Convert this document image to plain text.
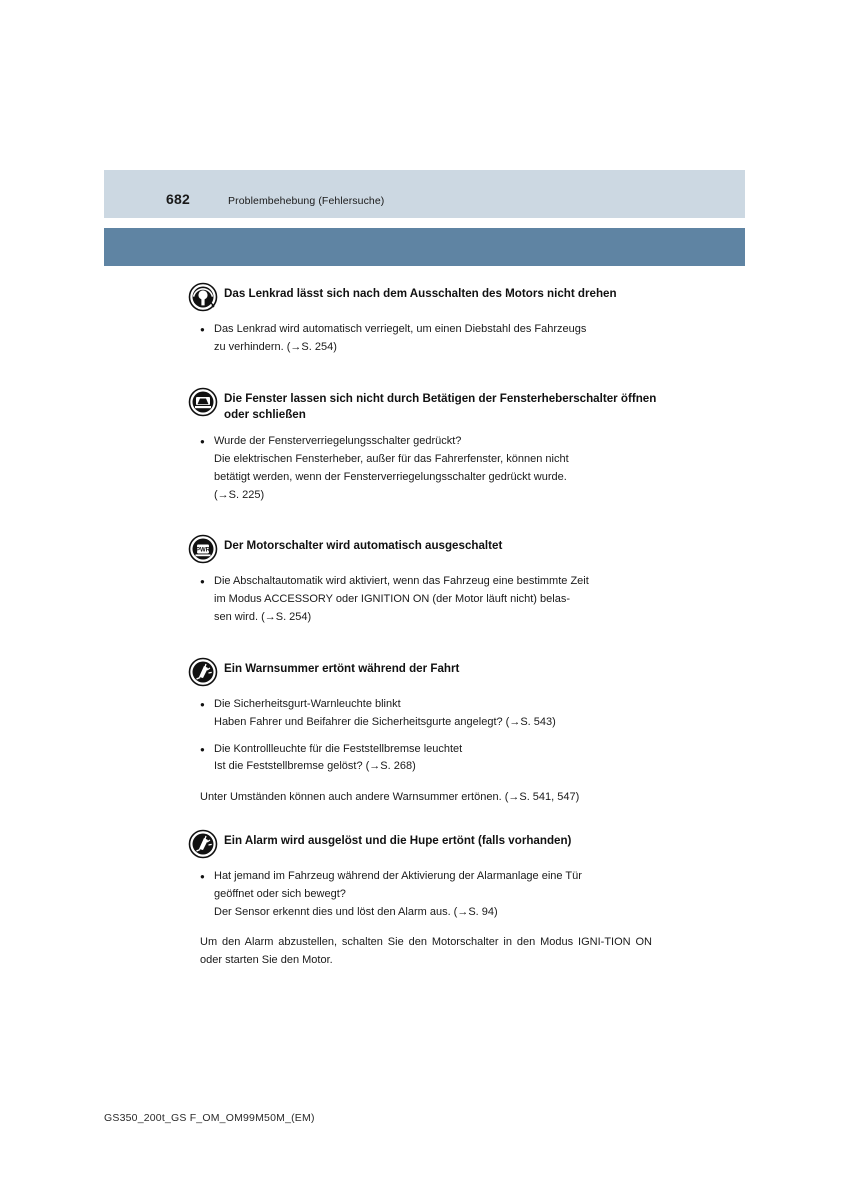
682	Problembehebung (Fehlersuche)
Das Lenkrad lässt sich nach dem Ausschalten des Motors nicht drehen
● Das Lenkrad wird automatisch verriegelt, um einen Diebstahl des Fahrzeugs
zu verhindern. (→S. 254)
Die Fenster lassen sich nicht durch Betätigen der Fensterheberschalter öffnen oder schließen
● Wurde der Fensterverriegelungsschalter gedrückt?
Die elektrischen Fensterheber, außer für das Fahrerfenster, können nicht
betätigt werden, wenn der Fensterverriegelungsschalter gedrückt wurde.
(→S. 225)
PWR Der Motorschalter wird automatisch ausgeschaltet
● Die Abschaltautomatik wird aktiviert, wenn das Fahrzeug eine bestimmte Zeit
im Modus ACCESSORY oder IGNITION ON (der Motor läuft nicht) belas-
sen wird. (→S. 254)
Ein Warnsummer ertönt während der Fahrt
● Die Sicherheitsgurt-Warnleuchte blinkt
Haben Fahrer und Beifahrer die Sicherheitsgurte angelegt? (→S. 543)
● Die Kontrollleuchte für die Feststellbremse leuchtet
Ist die Feststellbremse gelöst? (→S. 268)
Unter Umständen können auch andere Warnsummer ertönen. (→S. 541, 547)
Ein Alarm wird ausgelöst und die Hupe ertönt (falls vorhanden)
● Hat jemand im Fahrzeug während der Aktivierung der Alarmanlage eine Tür
geöffnet oder sich bewegt?
Der Sensor erkennt dies und löst den Alarm aus. (→S. 94)
Um den Alarm abzustellen, schalten Sie den Motorschalter in den Modus IGNI-TION ON oder starten Sie den Motor.
GS350_200t_GS F_OM_OM99M50M_(EM)
